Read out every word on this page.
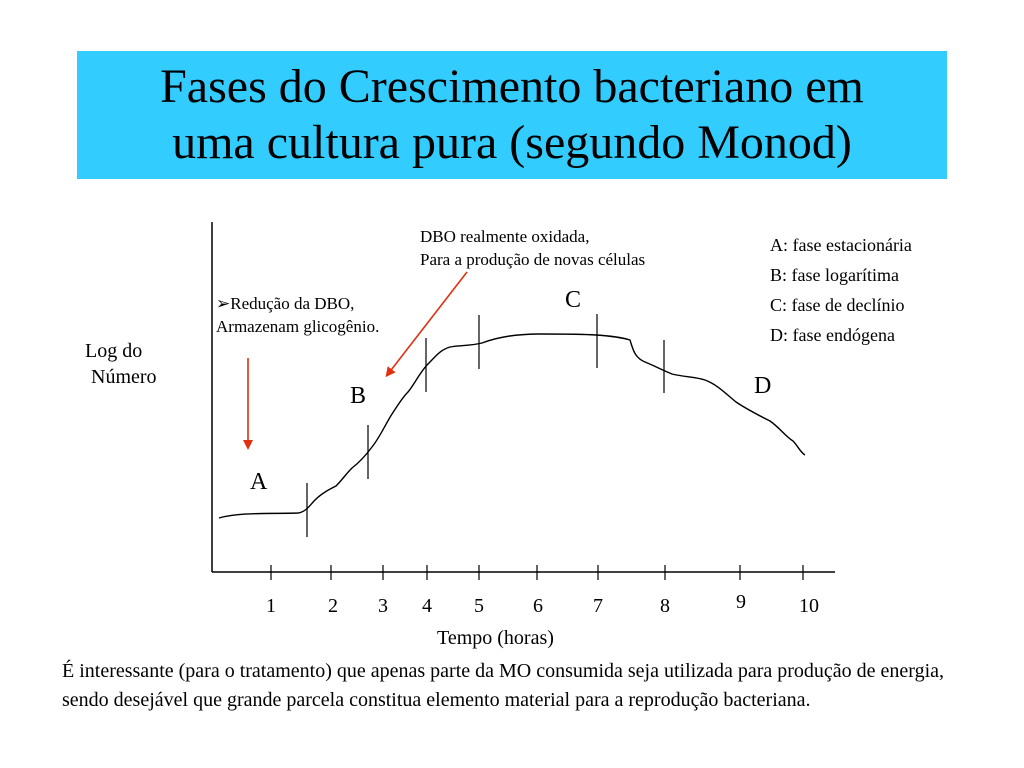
Fases do Crescimento bacteriano em
uma cultura pura (segundo Monod)
Log do
Número
➢Redução da DBO,
Armazenam glicogênio.
DBO realmente oxidada,
Para a produção de novas células
A
B
C
D
A: fase estacionária
B: fase logarítima
C: fase de declínio
D: fase endógena
1	2 3 4 5 6	7	8	9	10
Tempo (horas)
É interessante (para o tratamento) que apenas parte da MO consumida seja utilizada para produção de energia, sendo desejável que grande parcela constitua elemento material para a reprodução bacteriana.
